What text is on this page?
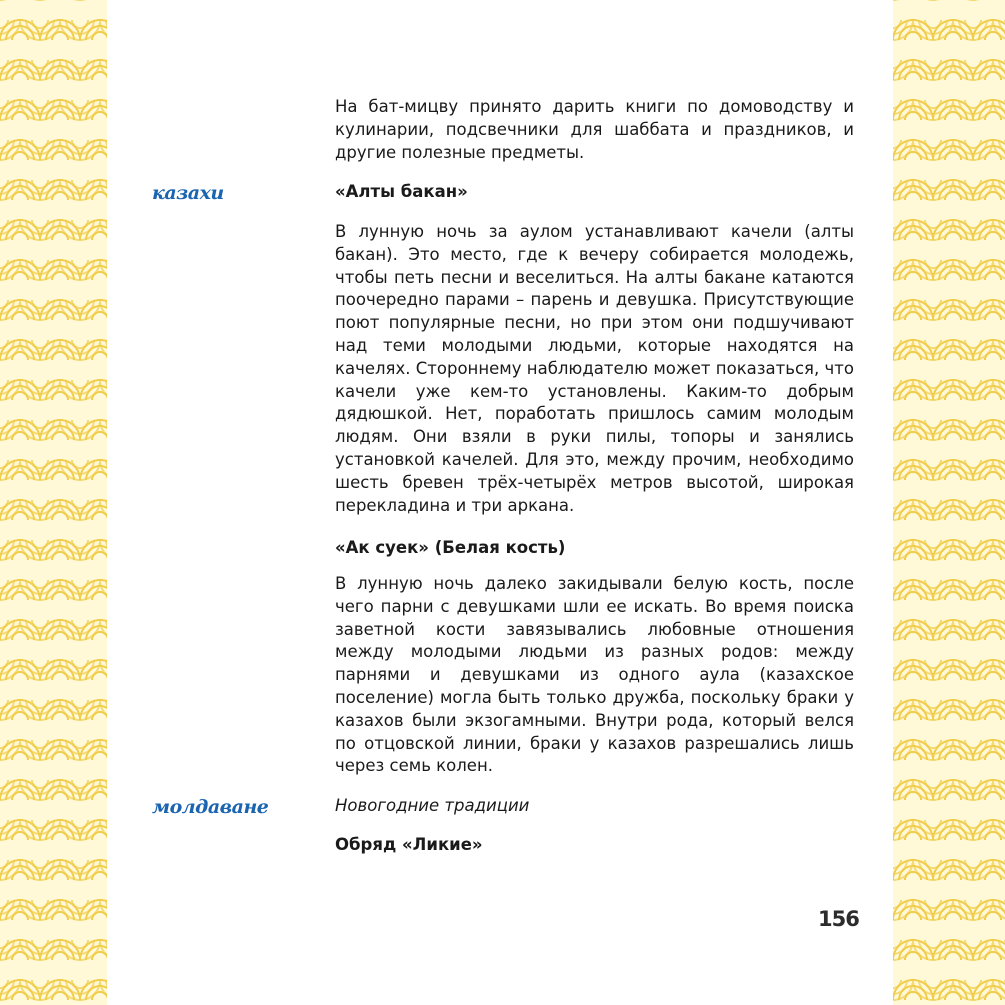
На бат-мицву принято дарить книги по домоводству и кулинарии, подсвечники для шаббата и праздников, и другие полезные предметы.
казахи	«Алты бакан»
В лунную ночь за аулом устанавливают качели (алты бакан). Это место, где к вечеру собирается молодежь, чтобы петь песни и веселиться. На алты бакане катаются поочередно парами – парень и девушка. Присутствующие поют популярные песни, но при этом они подшучивают над теми молодыми людьми, которые находятся на качелях. Стороннему наблюдателю может показаться, что качели уже кем-то установлены. Каким-то добрым дядюшкой. Нет, поработать пришлось самим молодым людям. Они взяли в руки пилы, топоры и занялись установкой качелей. Для это, между прочим, необходимо шесть бревен трёх-четырёх метров высотой, широкая перекладина и три аркана.
«Ак суек» (Белая кость)
В лунную ночь далеко закидывали белую кость, после чего парни с девушками шли ее искать. Во время поиска заветной кости завязывались любовные отношения между молодыми людьми из разных родов: между парнями и девушками из одного аула (казахское поселение) могла быть только дружба, поскольку браки у казахов были экзогамными. Внутри рода, который велся по отцовской линии, браки у казахов разрешались лишь через семь колен.
молдаване	Новогодние традиции
Обряд «Ликие»
156
